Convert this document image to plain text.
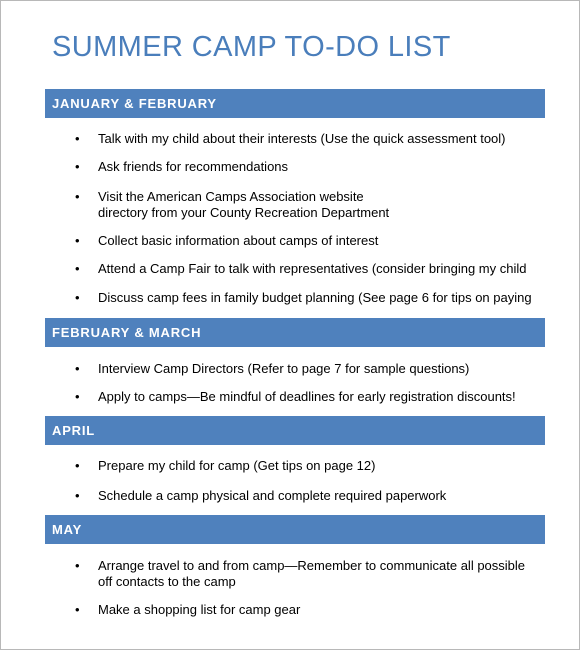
SUMMER CAMP TO-DO LIST
JANUARY & FEBRUARY
FEBRUARY & MARCH
APRIL
MAY
• Talk with my child about their interests (Use the quick assessment tool)
• Ask friends for recommendations
• Visit the American Camps Association website
directory from your County Recreation Department
• Collect basic information about camps of interest
• Attend a Camp Fair to talk with representatives (consider bringing my child
• Discuss camp fees in family budget planning (See page 6 for tips on paying
• Interview Camp Directors (Refer to page 7 for sample questions)
• Apply to camps—Be mindful of deadlines for early registration discounts!
• Prepare my child for camp (Get tips on page 12)
• Schedule a camp physical and complete required paperwork
• Arrange travel to and from camp—Remember to communicate all possible
off contacts to the camp
• Make a shopping list for camp gear
